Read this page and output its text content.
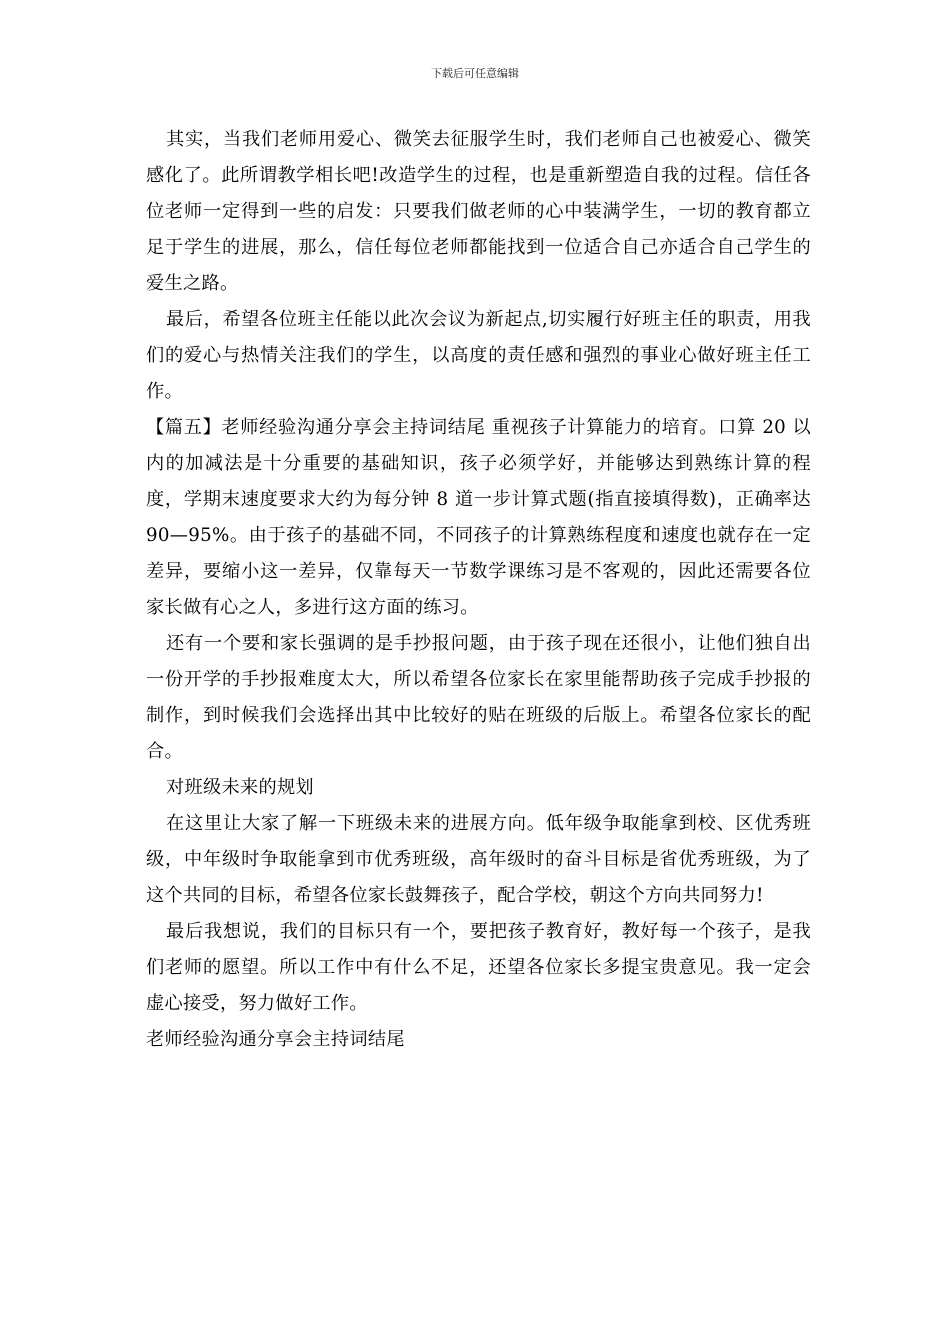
下载后可任意编辑

其实，当我们老师用爱心、微笑去征服学生时，我们老师自己也被爱心、微笑感化了。此所谓教学相长吧!改造学生的过程，也是重新塑造自我的过程。信任各位老师一定得到一些的启发：只要我们做老师的心中装满学生，一切的教育都立足于学生的进展，那么，信任每位老师都能找到一位适合自己亦适合自己学生的爱生之路。

最后，希望各位班主任能以此次会议为新起点,切实履行好班主任的职责，用我们的爱心与热情关注我们的学生，以高度的责任感和强烈的事业心做好班主任工作。

【篇五】老师经验沟通分享会主持词结尾 重视孩子计算能力的培育。口算 20 以内的加减法是十分重要的基础知识，孩子必须学好，并能够达到熟练计算的程度，学期末速度要求大约为每分钟 8 道一步计算式题(指直接填得数)，正确率达 90—95%。由于孩子的基础不同，不同孩子的计算熟练程度和速度也就存在一定差异，要缩小这一差异，仅靠每天一节数学课练习是不客观的，因此还需要各位家长做有心之人，多进行这方面的练习。

还有一个要和家长强调的是手抄报问题，由于孩子现在还很小，让他们独自出一份开学的手抄报难度太大，所以希望各位家长在家里能帮助孩子完成手抄报的制作，到时候我们会选择出其中比较好的贴在班级的后版上。希望各位家长的配合。

对班级未来的规划

在这里让大家了解一下班级未来的进展方向。低年级争取能拿到校、区优秀班级，中年级时争取能拿到市优秀班级，高年级时的奋斗目标是省优秀班级，为了这个共同的目标，希望各位家长鼓舞孩子，配合学校，朝这个方向共同努力!

最后我想说，我们的目标只有一个，要把孩子教育好，教好每一个孩子，是我们老师的愿望。所以工作中有什么不足，还望各位家长多提宝贵意见。我一定会虚心接受，努力做好工作。

老师经验沟通分享会主持词结尾
